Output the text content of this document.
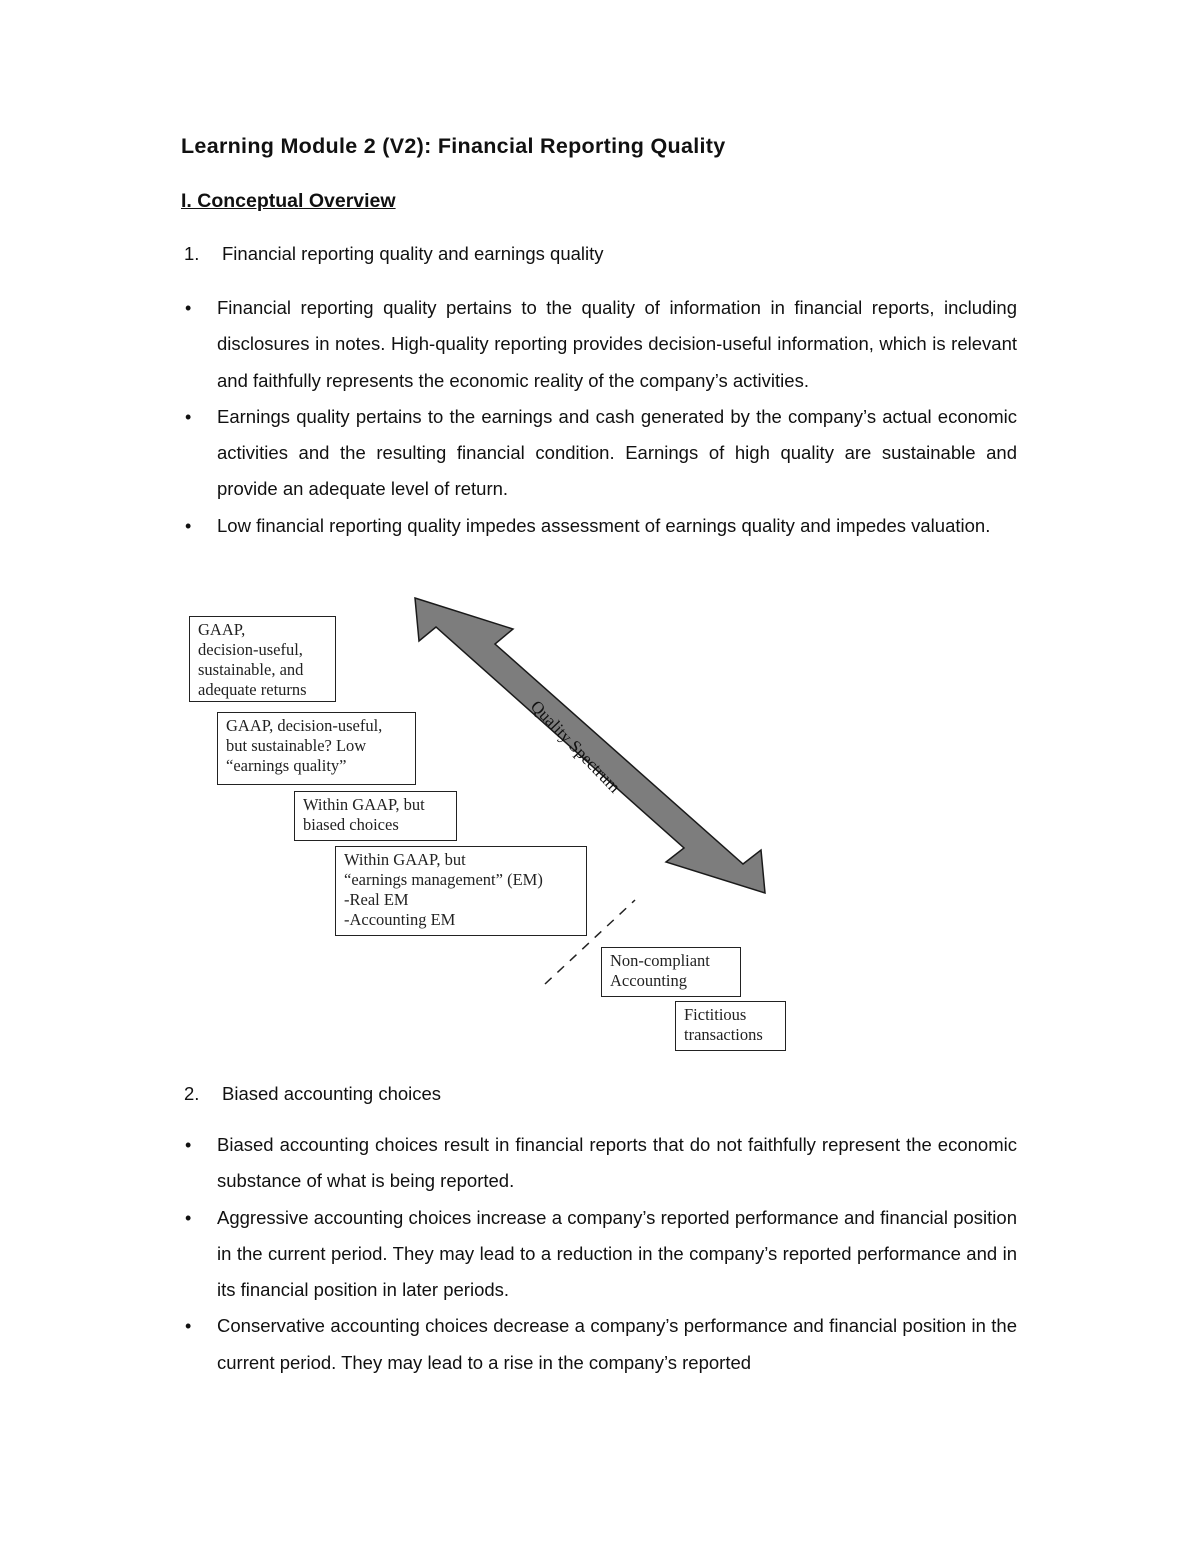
Learning Module 2 (V2): Financial Reporting Quality
I. Conceptual Overview
1. Financial reporting quality and earnings quality
• Financial reporting quality pertains to the quality of information in financial reports, including disclosures in notes. High-quality reporting provides decision-useful information, which is relevant and faithfully represents the economic reality of the company’s activities.
• Earnings quality pertains to the earnings and cash generated by the company’s actual economic activities and the resulting financial condition. Earnings of high quality are sustainable and provide an adequate level of return.
• Low financial reporting quality impedes assessment of earnings quality and impedes valuation.
Quality Spectrum
GAAP,
decision-useful,
sustainable, and
adequate returns
GAAP, decision-useful,
but sustainable? Low
“earnings quality”
Within GAAP, but
biased choices
Within GAAP, but
“earnings management” (EM)
-Real EM
-Accounting EM
Non-compliant
Accounting
Fictitious
transactions
2. Biased accounting choices
• Biased accounting choices result in financial reports that do not faithfully represent the economic substance of what is being reported.
• Aggressive accounting choices increase a company’s reported performance and financial position in the current period. They may lead to a reduction in the company’s reported performance and in its financial position in later periods.
• Conservative accounting choices decrease a company’s performance and financial position in the current period. They may lead to a rise in the company’s reported
